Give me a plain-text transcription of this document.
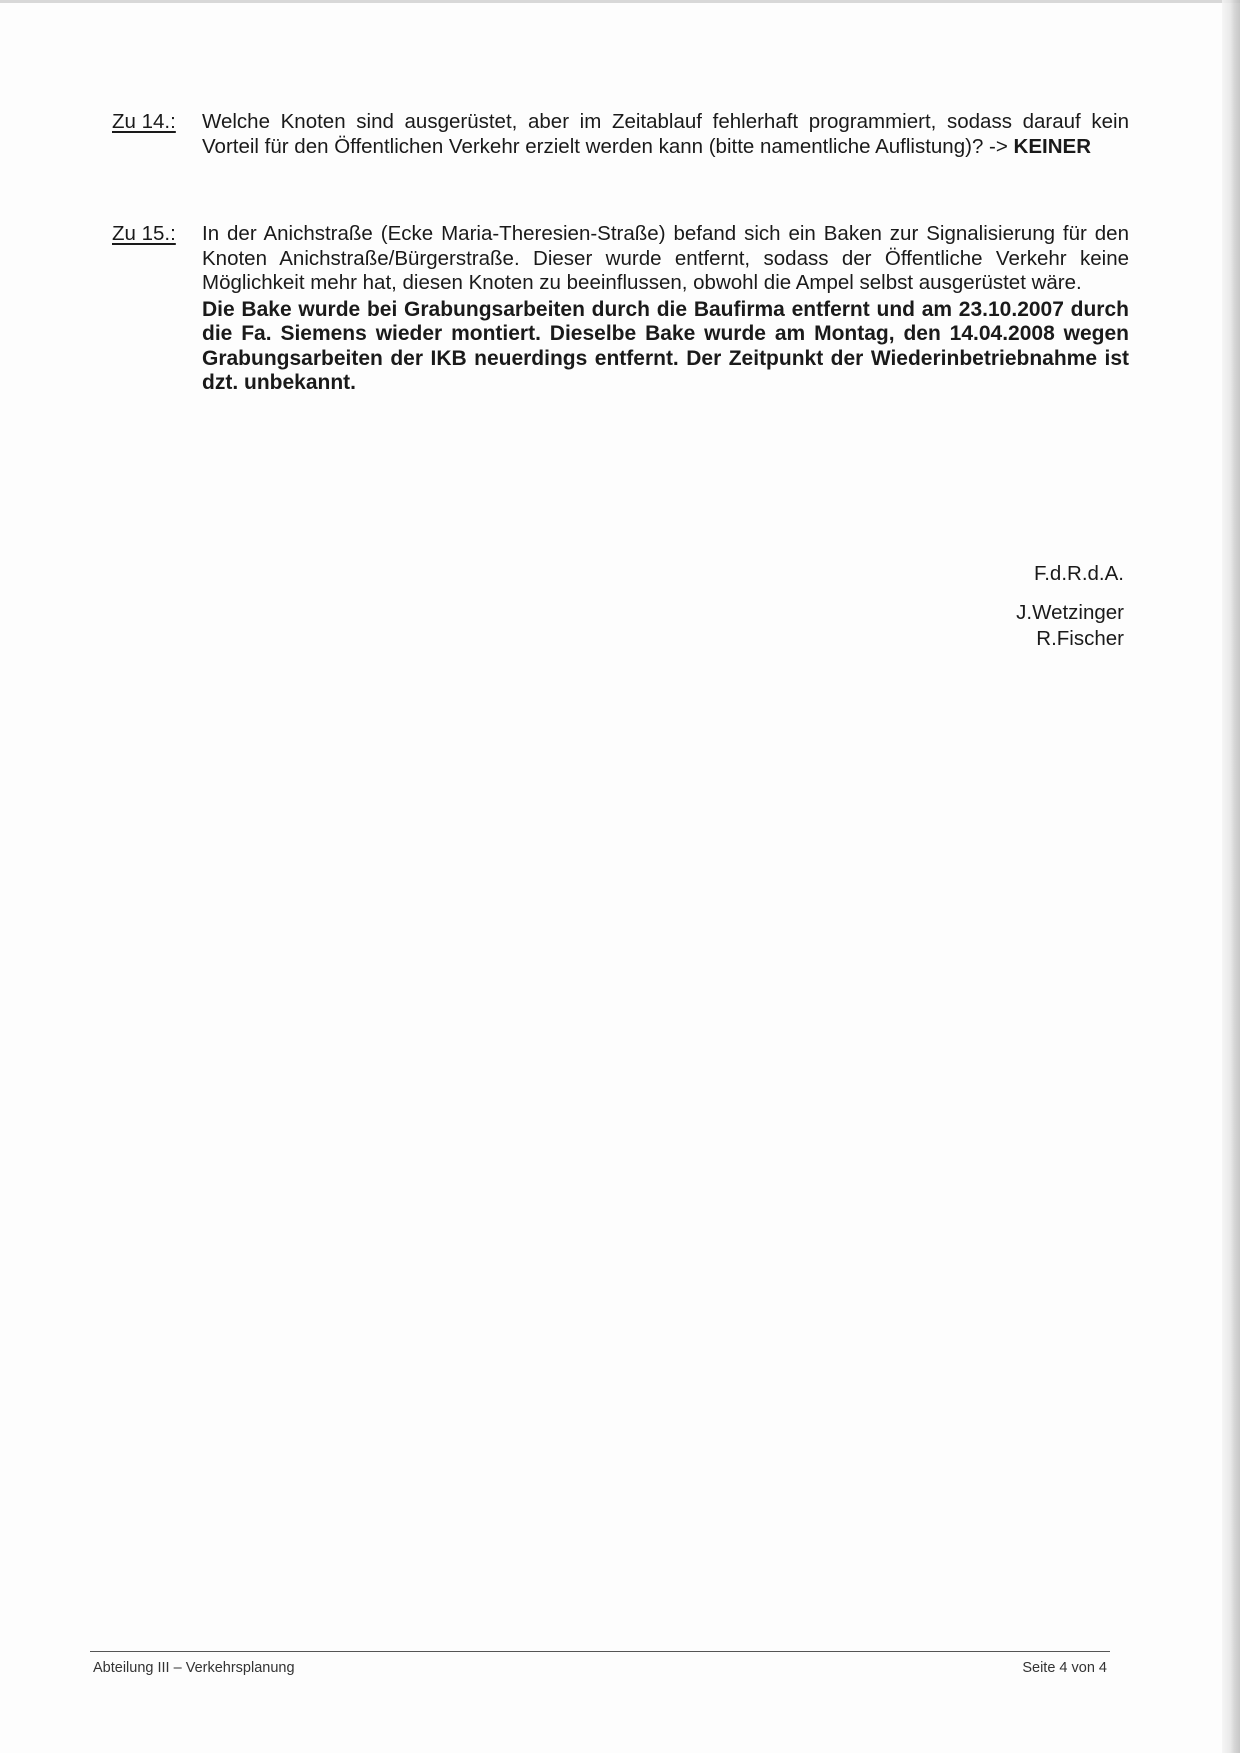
Zu 14.:	Welche Knoten sind ausgerüstet, aber im Zeitablauf fehlerhaft programmiert, sodass darauf kein Vorteil für den Öffentlichen Verkehr erzielt werden kann (bitte namentliche Auflistung)? -> KEINER

Zu 15.:	In der Anichstraße (Ecke Maria-Theresien-Straße) befand sich ein Baken zur Signalisierung für den Knoten Anichstraße/Bürgerstraße. Dieser wurde entfernt, sodass der Öffentliche Verkehr keine Möglichkeit mehr hat, diesen Knoten zu beeinflussen, obwohl die Ampel selbst ausgerüstet wäre.

Die Bake wurde bei Grabungsarbeiten durch die Baufirma entfernt und am 23.10.2007 durch die Fa. Siemens wieder montiert. Dieselbe Bake wurde am Montag, den 14.04.2008 wegen Grabungsarbeiten der IKB neuerdings entfernt. Der Zeitpunkt der Wiederinbetriebnahme ist dzt. unbekannt.

F.d.R.d.A.
J.Wetzinger
R.Fischer
Abteilung III – Verkehrsplanung	Seite 4 von 4
